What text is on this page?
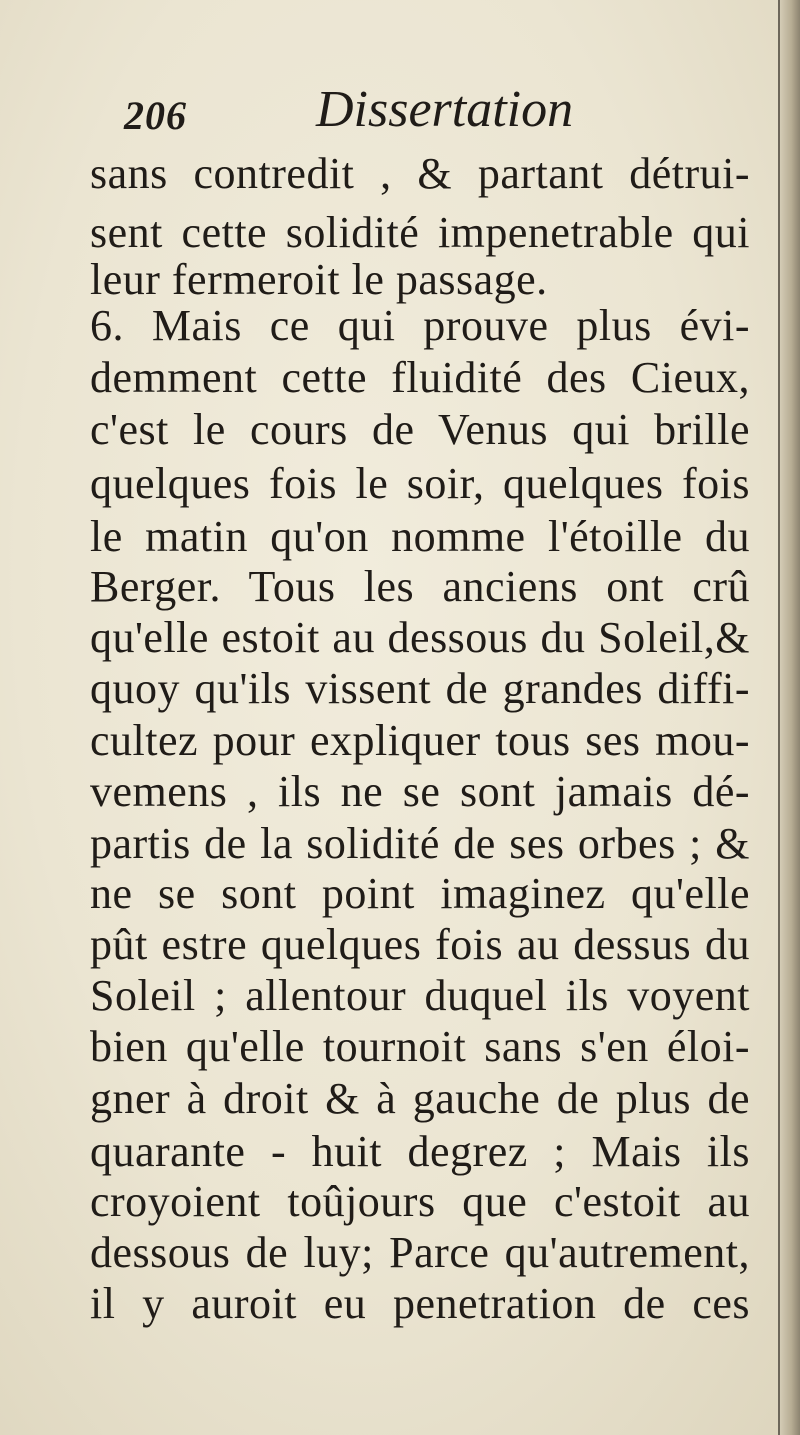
206 Dissertation
sans contredit , & partant détrui-
sent cette solidité impenetrable qui
leur fermeroit le passage.
6. Mais ce qui prouve plus évi-
demment cette fluidité des Cieux,
c'est le cours de Venus qui brille
quelques fois le soir, quelques fois
le matin qu'on nomme l'étoille du
Berger. Tous les anciens ont crû
qu'elle estoit au dessous du Soleil,&
quoy qu'ils vissent de grandes diffi-
cultez pour expliquer tous ses mou-
vemens , ils ne se sont jamais dé-
partis de la solidité de ses orbes ; &
ne se sont point imaginez qu'elle
pût estre quelques fois au dessus du
Soleil ; allentour duquel ils voyent
bien qu'elle tournoit sans s'en éloi-
gner à droit & à gauche de plus de
quarante - huit degrez ; Mais ils
croyoient toûjours que c'estoit au
dessous de luy; Parce qu'autrement,
il y auroit eu penetration de ces
